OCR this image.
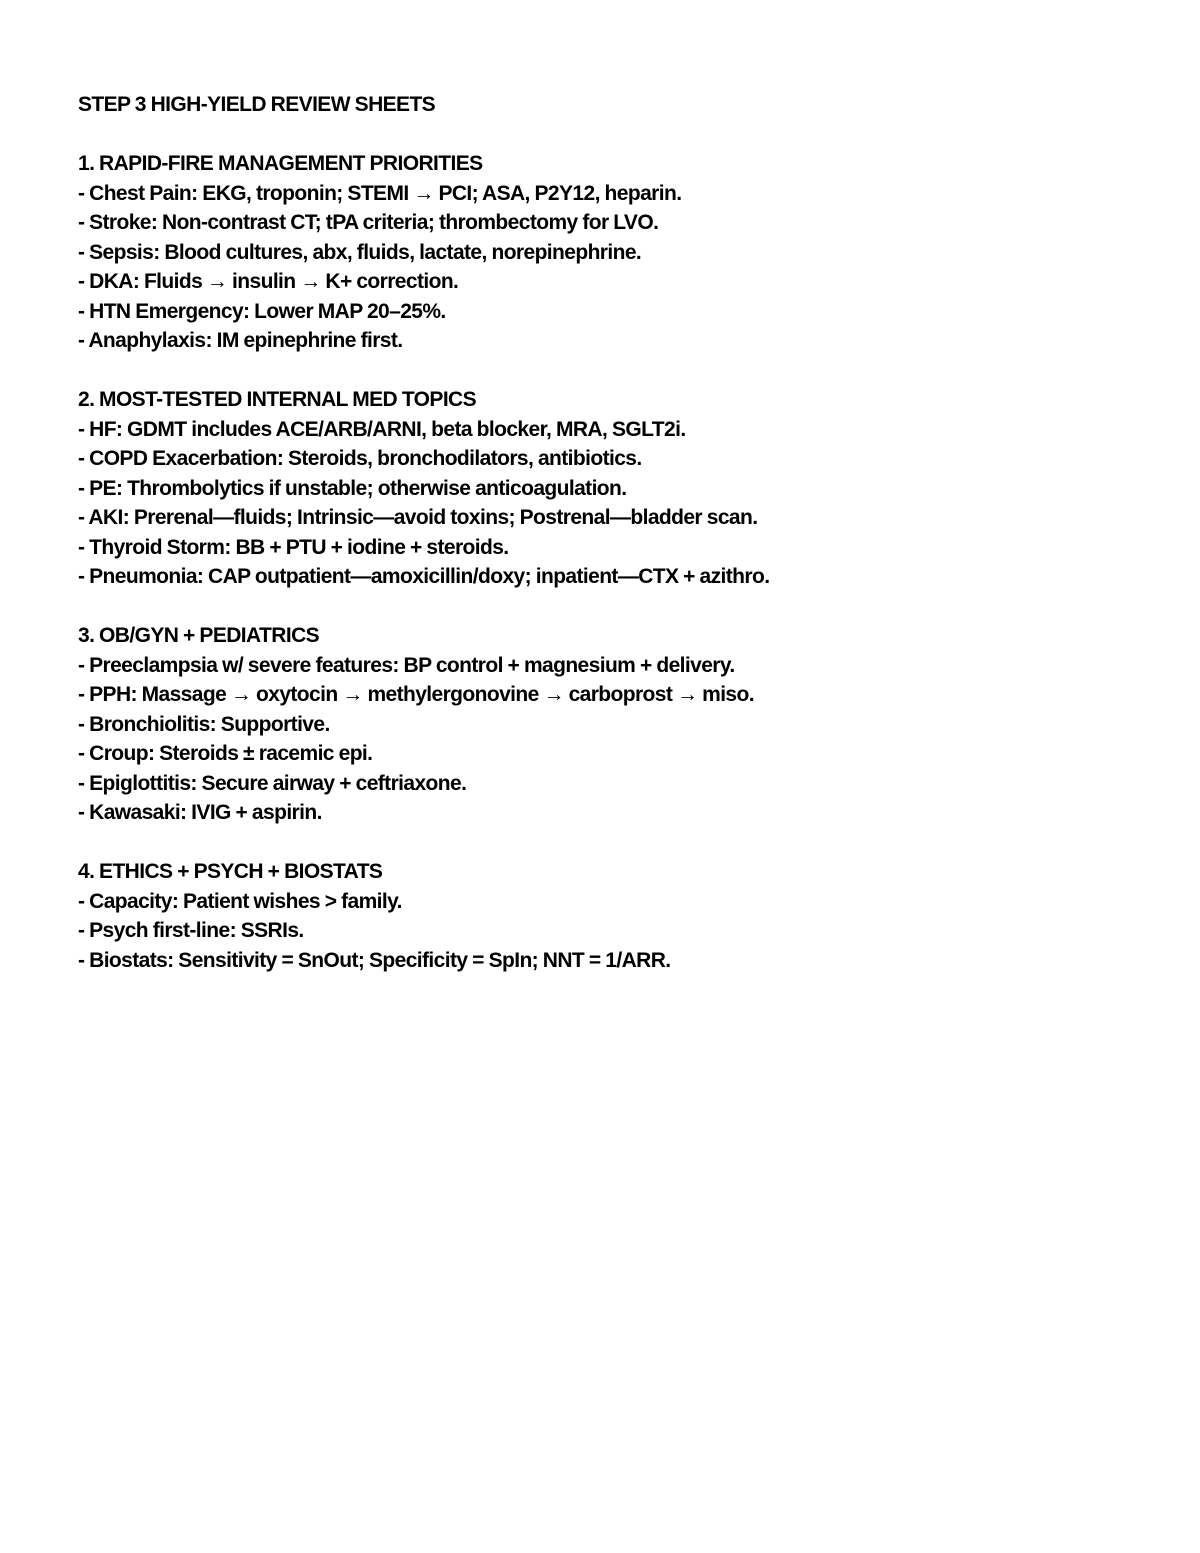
STEP 3 HIGH-YIELD REVIEW SHEETS
1. RAPID-FIRE MANAGEMENT PRIORITIES
- Chest Pain: EKG, troponin; STEMI → PCI; ASA, P2Y12, heparin.
- Stroke: Non-contrast CT; tPA criteria; thrombectomy for LVO.
- Sepsis: Blood cultures, abx, fluids, lactate, norepinephrine.
- DKA: Fluids → insulin → K+ correction.
- HTN Emergency: Lower MAP 20–25%.
- Anaphylaxis: IM epinephrine first.
2. MOST-TESTED INTERNAL MED TOPICS
- HF: GDMT includes ACE/ARB/ARNI, beta blocker, MRA, SGLT2i.
- COPD Exacerbation: Steroids, bronchodilators, antibiotics.
- PE: Thrombolytics if unstable; otherwise anticoagulation.
- AKI: Prerenal—fluids; Intrinsic—avoid toxins; Postrenal—bladder scan.
- Thyroid Storm: BB + PTU + iodine + steroids.
- Pneumonia: CAP outpatient—amoxicillin/doxy; inpatient—CTX + azithro.
3. OB/GYN + PEDIATRICS
- Preeclampsia w/ severe features: BP control + magnesium + delivery.
- PPH: Massage → oxytocin → methylergonovine → carboprost → miso.
- Bronchiolitis: Supportive.
- Croup: Steroids ± racemic epi.
- Epiglottitis: Secure airway + ceftriaxone.
- Kawasaki: IVIG + aspirin.
4. ETHICS + PSYCH + BIOSTATS
- Capacity: Patient wishes > family.
- Psych first-line: SSRIs.
- Biostats: Sensitivity = SnOut; Specificity = SpIn; NNT = 1/ARR.
